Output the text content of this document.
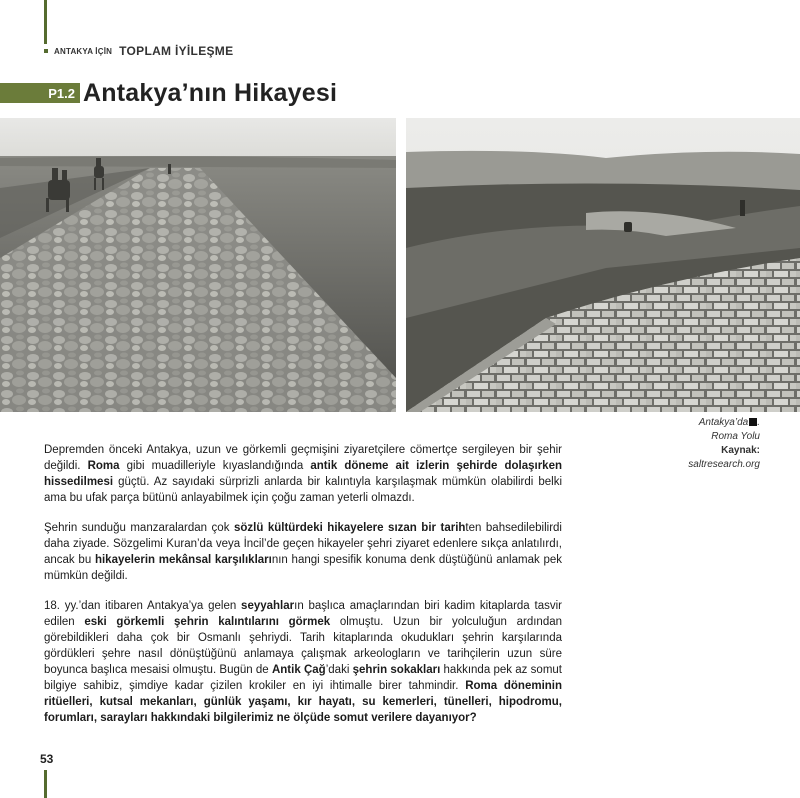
ANTAKYA İÇİN TOPLAM İYİLEŞME
P1.2 Antakya’nın Hikayesi
Antakya’da .
Roma Yolu
Kaynak:
saltresearch.org

Depremden önceki Antakya, uzun ve görkemli geçmişini ziyaretçilere cömertçe sergileyen bir şehir değildi. Roma gibi muadilleriyle kıyaslandığında antik döneme ait izlerin şehirde dolaşırken hissedilmesi güçtü. Az sayıdaki sürprizli anlarda bir kalıntıyla karşılaşmak mümkün olabilirdi belki ama bu ufak parça bütünü anlayabilmek için çoğu zaman yeterli olmazdı.

Şehrin sunduğu manzaralardan çok sözlü kültürdeki hikayelere sızan bir tarihten bahsedilebilirdi daha ziyade. Sözgelimi Kuran’da veya İncil’de geçen hikayeler şehri ziyaret edenlere sıkça anlatılırdı, ancak bu hikayelerin mekânsal karşılıklarının hangi spesifik konuma denk düştüğünü anlamak pek mümkün değildi.

18. yy.’dan itibaren Antakya’ya gelen seyyahların başlıca amaçlarından biri kadim kitaplarda tasvir edilen eski görkemli şehrin kalıntılarını görmek olmuştu. Uzun bir yolculuğun ardından görebildikleri daha çok bir Osmanlı şehriydi. Tarih kitaplarında okudukları şehrin karşılarında gördükleri şehre nasıl dönüştüğünü anlamaya çalışmak arkeologların ve tarihçilerin uzun süre boyunca başlıca mesaisi olmuştu. Bugün de Antik Çağ’daki şehrin sokakları hakkında pek az somut bilgiye sahibiz, şimdiye kadar çizilen krokiler en iyi ihtimalle birer tahmindir. Roma döneminin ritüelleri, kutsal mekanları, günlük yaşamı, kır hayatı, su kemerleri, tünelleri, hipodromu, forumları, sarayları hakkındaki bilgilerimiz ne ölçüde somut verilere dayanıyor?

53
